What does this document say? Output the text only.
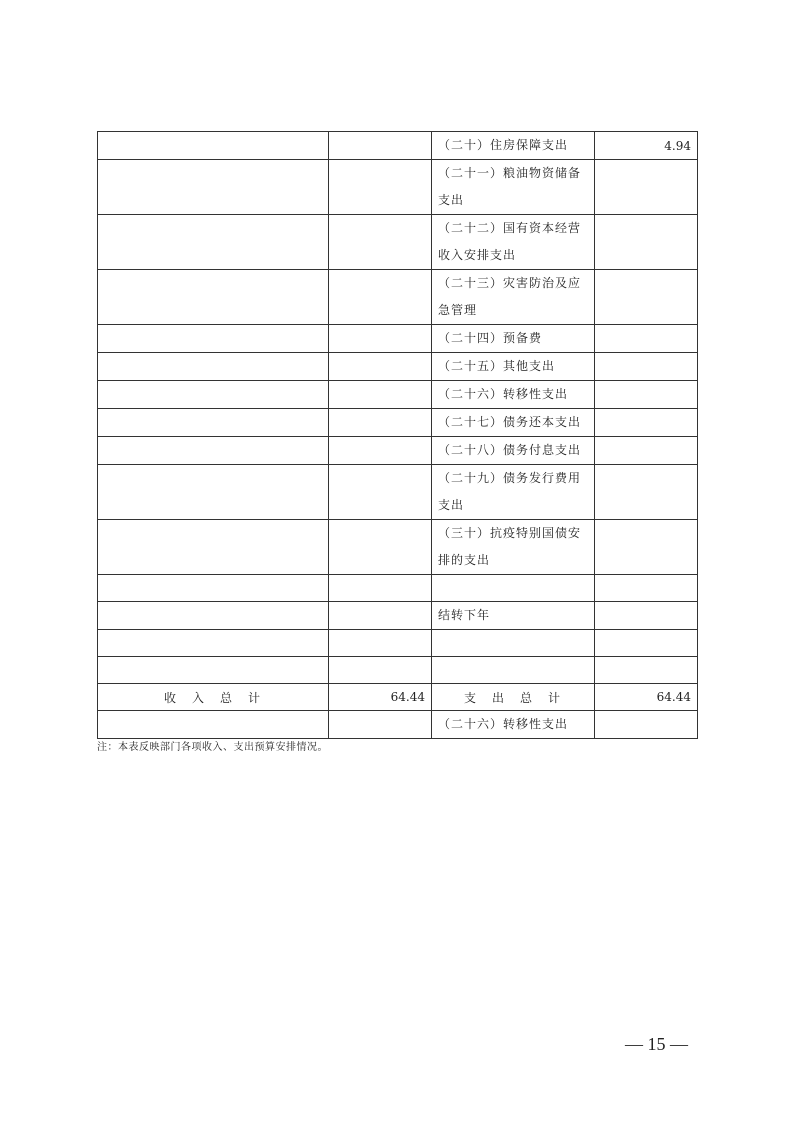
		（二十）住房保障支出	4.94
		（二十一）粮油物资储备支出	
		（二十二）国有资本经营收入安排支出	
		（二十三）灾害防治及应急管理	
		（二十四）预备费	
		（二十五）其他支出	
		（二十六）转移性支出	
		（二十七）债务还本支出	
		（二十八）债务付息支出	
		（二十九）债务发行费用支出	
		（三十）抗疫特别国债安排的支出	

		结转下年	

收　入　总　计	64.44	支　出　总　计	64.44
		（二十六）转移性支出	
注：本表反映部门各项收入、支出预算安排情况。
— 15 —
